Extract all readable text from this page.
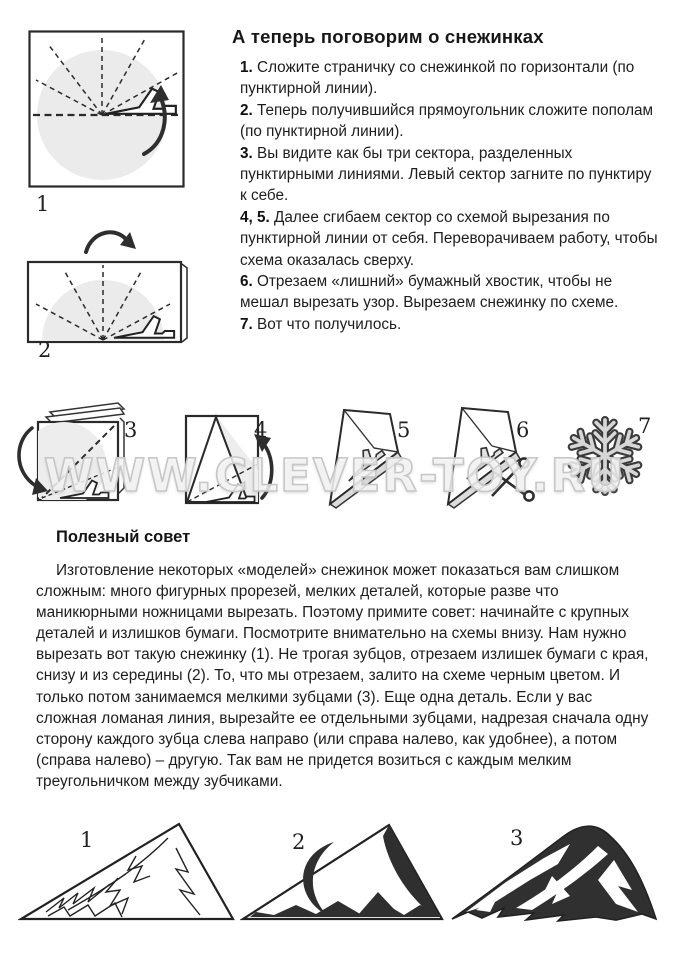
А теперь поговорим о снежинках

1. Сложите страничку со снежинкой по горизонтали (по пунктирной линии).

2. Теперь получившийся прямоугольник сложите пополам (по пунктирной линии).

3. Вы видите как бы три сектора, разделенных пунктирными линиями. Левый сектор загните по пунктиру к себе.

4, 5. Далее сгибаем сектор со схемой вырезания по пунктирной линии от себя. Переворачиваем работу, чтобы схема оказалась сверху.

6. Отрезаем «лишний» бумажный хвостик, чтобы не мешал вырезать узор. Вырезаем снежинку по схеме.

7. Вот что получилось.

1
2
3	4	5	6	7
WWW.CLEVER-TOY.RU
Полезный совет

Изготовление некоторых «моделей» снежинок может показаться вам слишком сложным: много фигурных прорезей, мелких деталей, которые разве что маникюрными ножницами вырезать. Поэтому примите совет: начинайте с крупных деталей и излишков бумаги. Посмотрите внимательно на схемы внизу. Нам нужно вырезать вот такую снежинку (1). Не трогая зубцов, отрезаем излишек бумаги с края, снизу и из середины (2). То, что мы отрезаем, залито на схеме черным цветом. И только потом занимаемся мелкими зубцами (3). Еще одна деталь. Если у вас сложная ломаная линия, вырезайте ее отдельными зубцами, надрезая сначала одну сторону каждого зубца слева направо (или справа налево, как удобнее), а потом (справа налево) – другую. Так вам не придется возиться с каждым мелким треугольничком между зубчиками.

1	2	3
